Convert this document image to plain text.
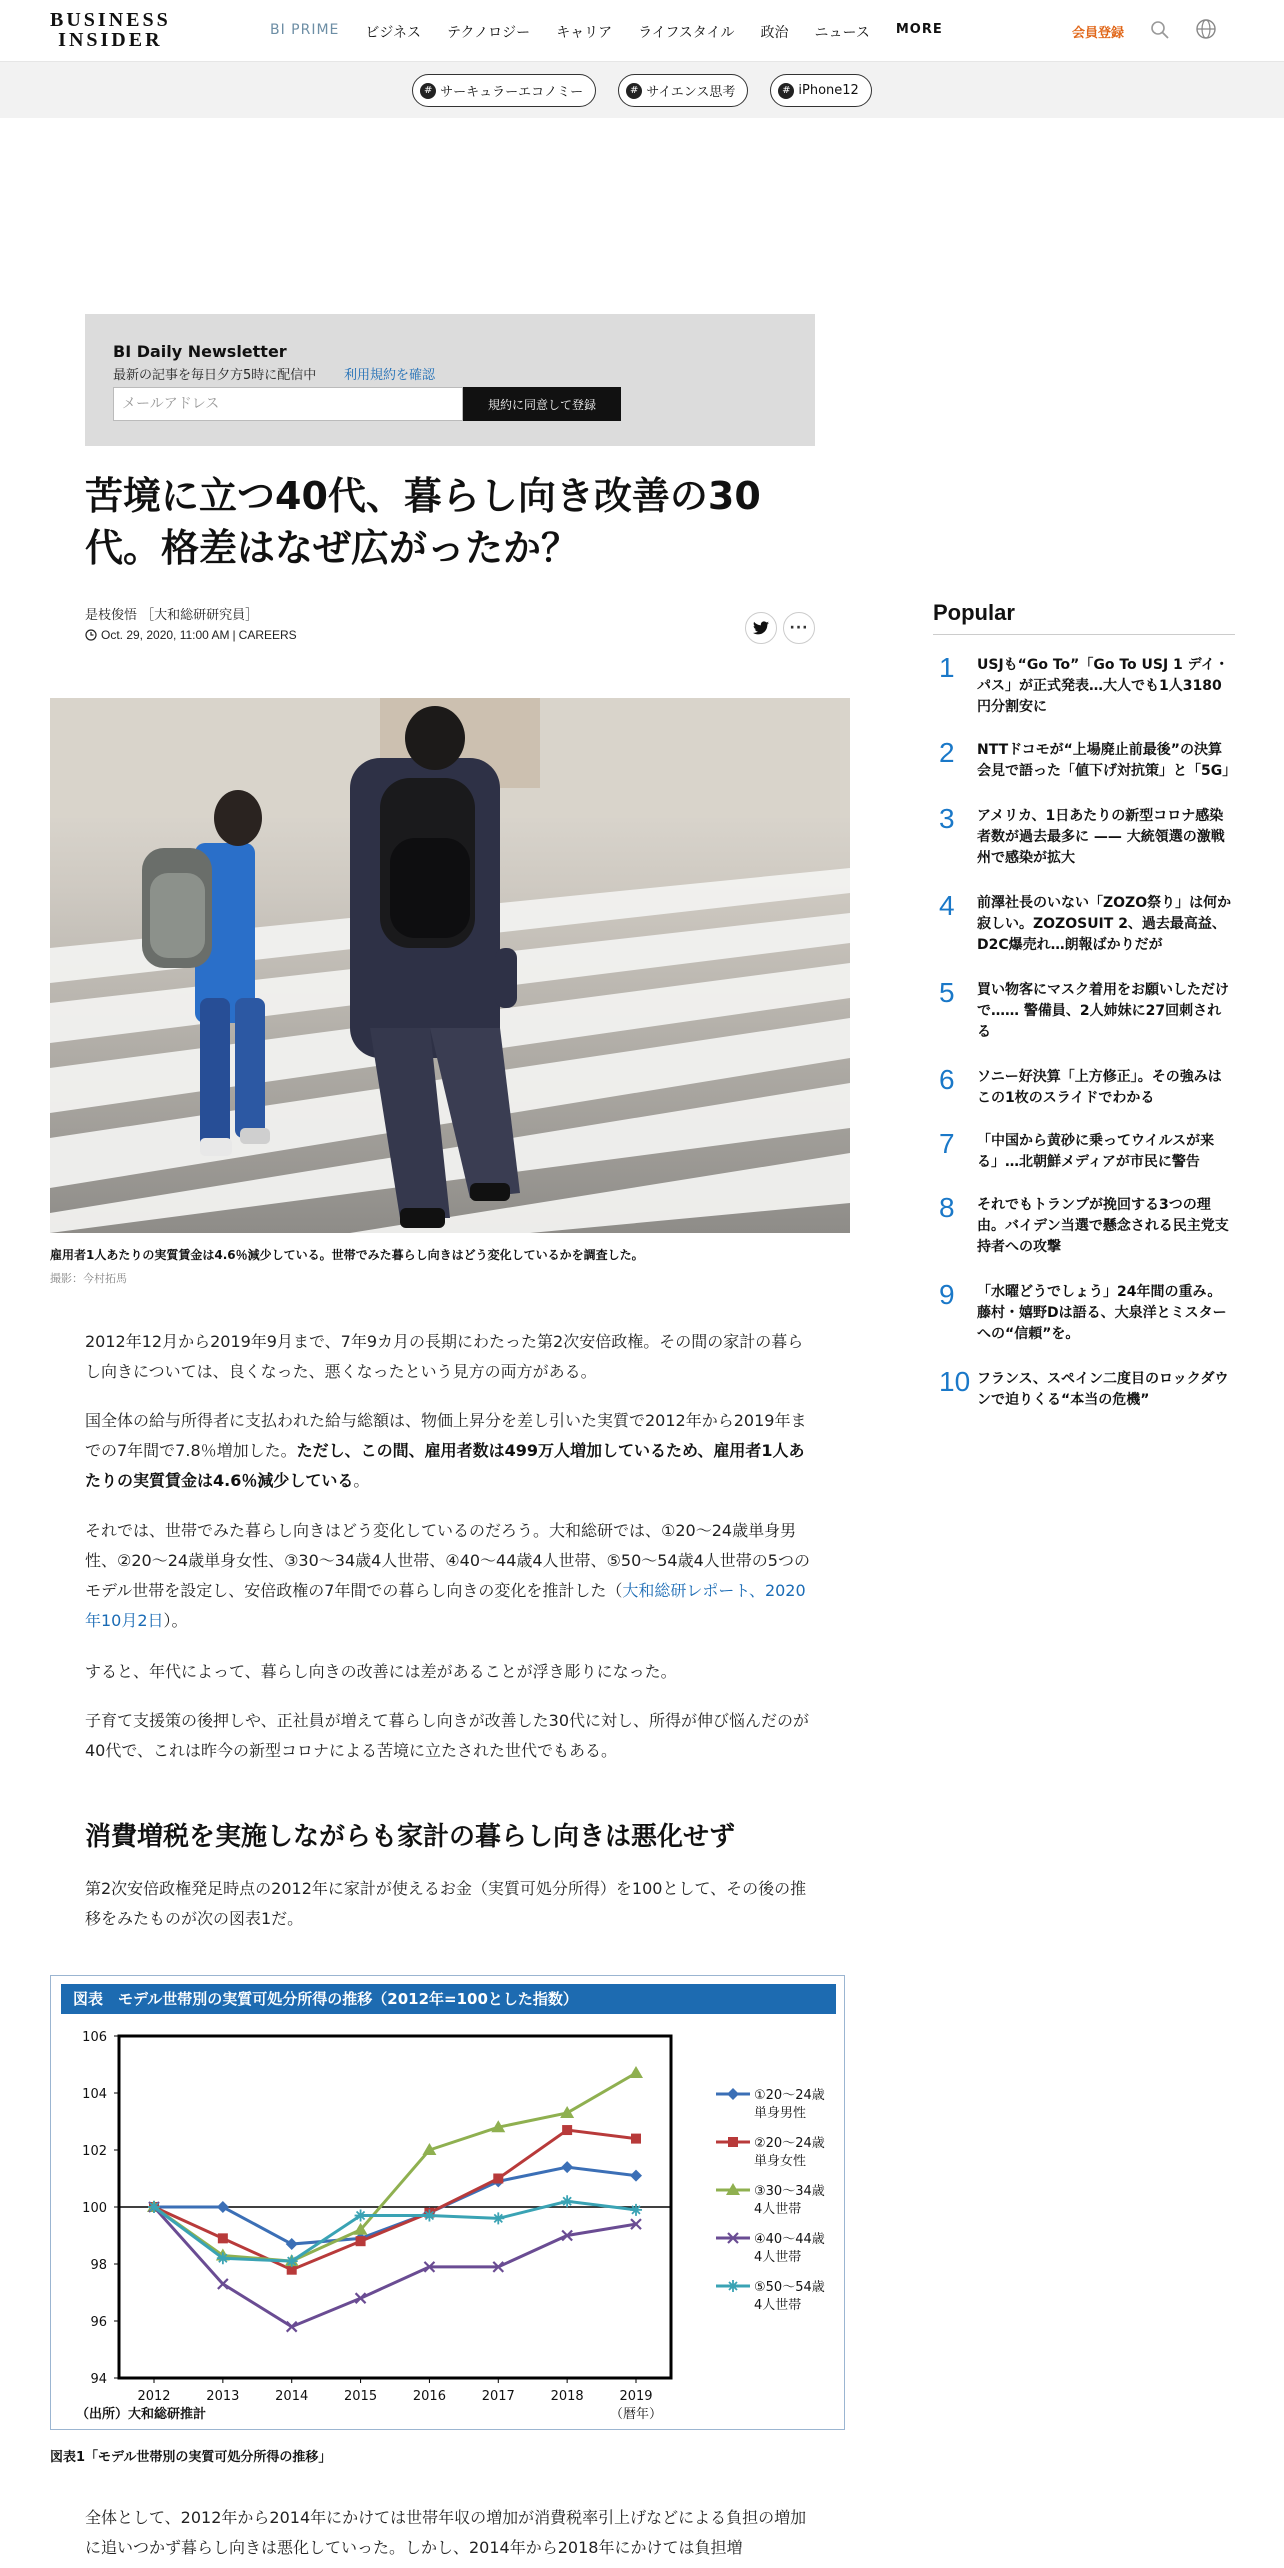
BUSINESS
INSIDER	BI PRIME ビジネス テクノロジー キャリア ライフスタイル 政治 ニュース MORE	会員登録
# サーキュラーエコノミー	# サイエンス思考	# iPhone12
BI Daily Newsletter
最新の記事を毎日夕方5時に配信中 利用規約を確認
メールアドレス
規約に同意して登録
苦境に立つ40代、暮らし向き改善の30代。格差はなぜ広がったか？
是枝俊悟 ［大和総研研究員］
Oct. 29, 2020, 11:00 AM | CAREERS	···
雇用者1人あたりの実質賃金は4.6％減少している。世帯でみた暮らし向きはどう変化しているかを調査した。
撮影：今村拓馬

2012年12月から2019年9月まで、7年9カ月の長期にわたった第2次安倍政権。その間の家計の暮らし向きについては、良くなった、悪くなったという見方の両方がある。

国全体の給与所得者に支払われた給与総額は、物価上昇分を差し引いた実質で2012年から2019年までの7年間で7.8％増加した。ただし、この間、雇用者数は499万人増加しているため、雇用者1人あたりの実質賃金は4.6％減少している。

それでは、世帯でみた暮らし向きはどう変化しているのだろう。大和総研では、①20〜24歳単身男性、②20〜24歳単身女性、③30〜34歳4人世帯、④40〜44歳4人世帯、⑤50〜54歳4人世帯の5つのモデル世帯を設定し、安倍政権の7年間での暮らし向きの変化を推計した（大和総研レポート、2020年10月2日）。

すると、年代によって、暮らし向きの改善には差があることが浮き彫りになった。

子育て支援策の後押しや、正社員が増えて暮らし向きが改善した30代に対し、所得が伸び悩んだのが40代で、これは昨今の新型コロナによる苦境に立たされた世代でもある。

消費増税を実施しながらも家計の暮らし向きは悪化せず

第2次安倍政権発足時点の2012年に家計が使えるお金（実質可処分所得）を100として、その後の推移をみたものが次の図表1だ。

図表　モデル世帯別の実質可処分所得の推移（2012年=100とした指数）
94
96
98
100
102
104
106
2012	2013	2014	2015	2016	2017	2018	2019
（暦年）
（出所）大和総研推計
①20〜24歳
単身男性
②20〜24歳
単身女性
③30〜34歳
4人世帯
④40〜44歳
4人世帯
⑤50〜54歳
4人世帯
図表1「モデル世帯別の実質可処分所得の推移」

全体として、2012年から2014年にかけては世帯年収の増加が消費税率引上げなどによる負担の増加に追いつかず暮らし向きは悪化していった。しかし、2014年から2018年にかけては負担増

Popular
1	USJも“Go To”「Go To USJ 1 デイ・パス」が正式発表…大人でも1人3180円分割安に
2	NTTドコモが“上場廃止前最後”の決算会見で語った「値下げ対抗策」と「5G」
3	アメリカ、1日あたりの新型コロナ感染者数が過去最多に —— 大統領選の激戦州で感染が拡大
4	前澤社長のいない「ZOZO祭り」は何か寂しい。ZOZOSUIT 2、過去最高益、D2C爆売れ…朗報ばかりだが
5	買い物客にマスク着用をお願いしただけで…… 警備員、2人姉妹に27回刺される
6	ソニー好決算「上方修正」。その強みはこの1枚のスライドでわかる
7	「中国から黄砂に乗ってウイルスが来る」…北朝鮮メディアが市民に警告
8	それでもトランプが挽回する3つの理由。バイデン当選で懸念される民主党支持者への攻撃
9	「水曜どうでしょう」24年間の重み。藤村・嬉野Dは語る、大泉洋とミスターへの“信頼”を。
10 フランス、スペイン二度目のロックダウンで迫りくる“本当の危機”
